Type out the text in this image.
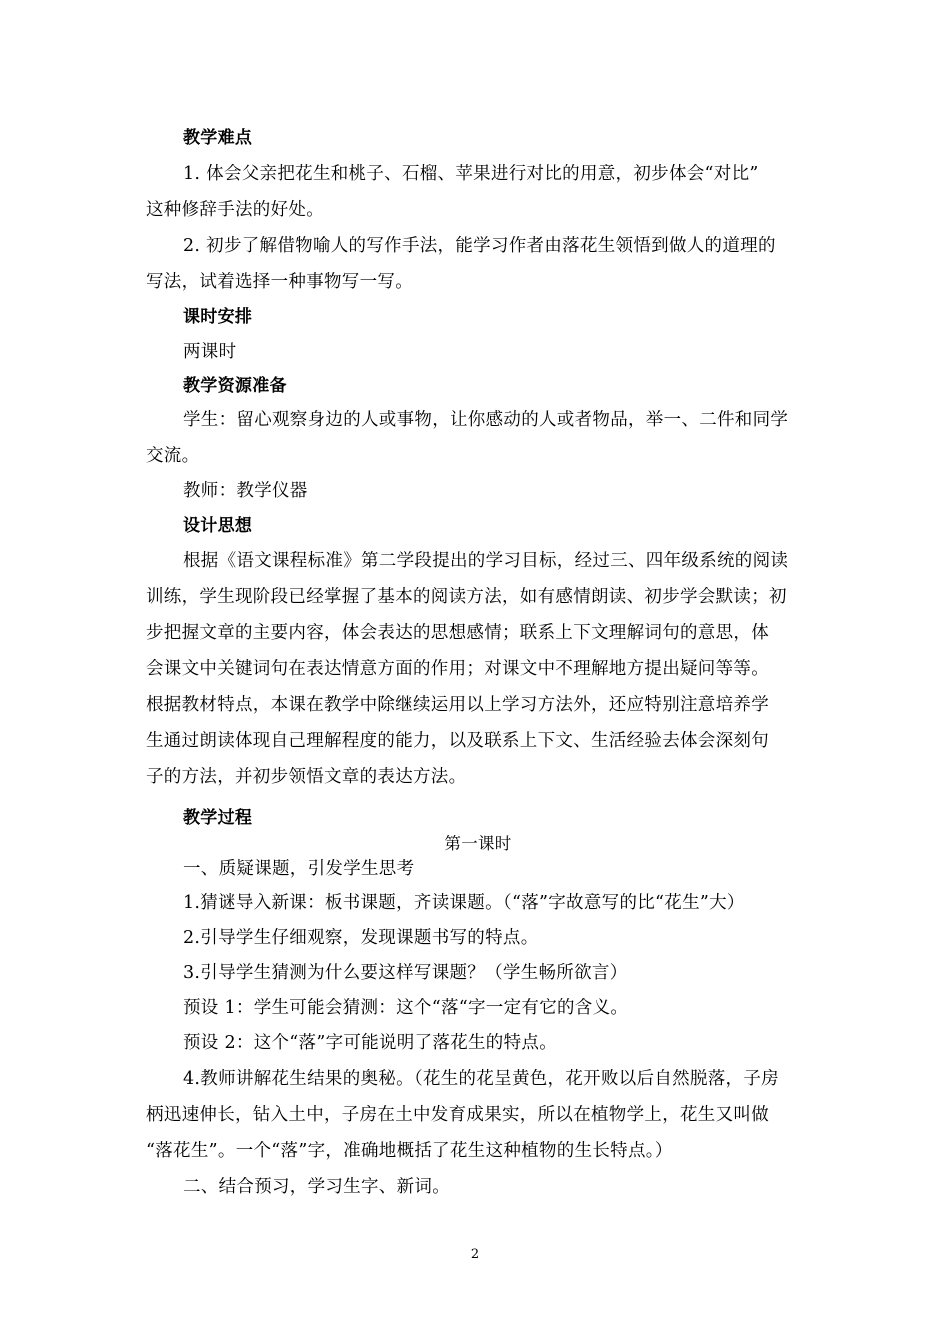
教学难点
1. 体会父亲把花生和桃子、石榴、苹果进行对比的用意，初步体会“对比”
这种修辞手法的好处。
2. 初步了解借物喻人的写作手法，能学习作者由落花生领悟到做人的道理的
写法，试着选择一种事物写一写。
课时安排
两课时
教学资源准备
学生：留心观察身边的人或事物，让你感动的人或者物品，举一、二件和同学
交流。
教师：教学仪器
设计思想
根据《语文课程标准》第二学段提出的学习目标，经过三、四年级系统的阅读
训练，学生现阶段已经掌握了基本的阅读方法，如有感情朗读、初步学会默读；初
步把握文章的主要内容，体会表达的思想感情；联系上下文理解词句的意思，体
会课文中关键词句在表达情意方面的作用；对课文中不理解地方提出疑问等等。
根据教材特点，本课在教学中除继续运用以上学习方法外，还应特别注意培养学
生通过朗读体现自己理解程度的能力，以及联系上下文、生活经验去体会深刻句
子的方法，并初步领悟文章的表达方法。
教学过程
第一课时
一、质疑课题，引发学生思考
1.猜谜导入新课：板书课题，齐读课题。（“落”字故意写的比“花生”大）
2.引导学生仔细观察，发现课题书写的特点。
3.引导学生猜测为什么要这样写课题？（学生畅所欲言）
预设 1：学生可能会猜测：这个“落“字一定有它的含义。
预设 2：这个“落”字可能说明了落花生的特点。
4.教师讲解花生结果的奥秘。（花生的花呈黄色，花开败以后自然脱落，子房
柄迅速伸长，钻入土中，子房在土中发育成果实，所以在植物学上，花生又叫做
“落花生”。一个“落”字，准确地概括了花生这种植物的生长特点。）
二、结合预习，学习生字、新词。
2
